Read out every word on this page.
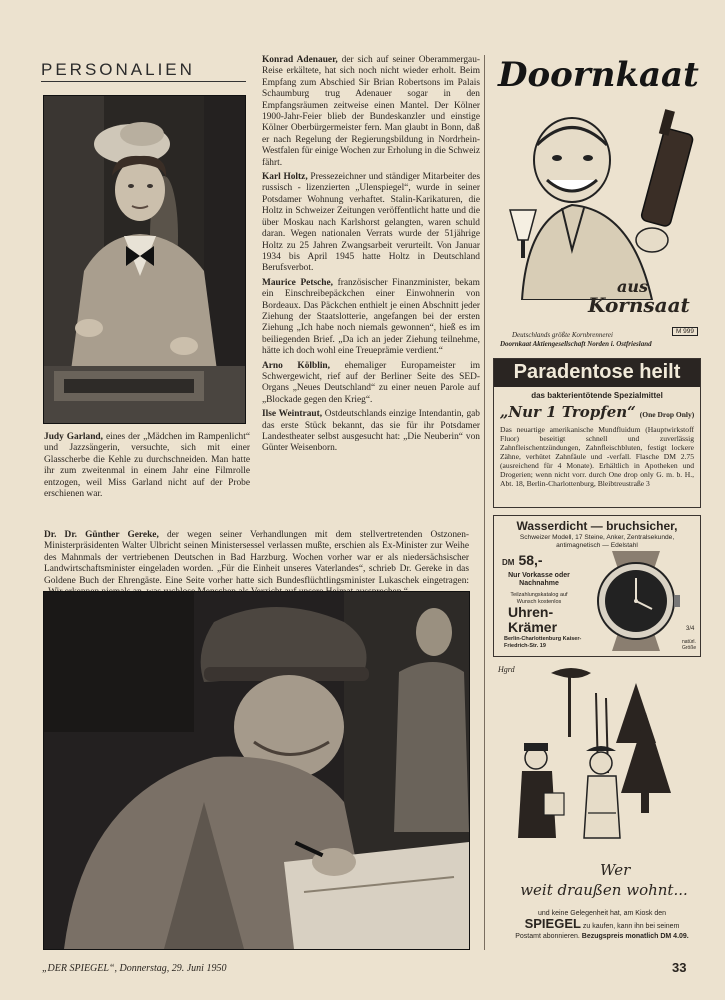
PERSONALIEN

Judy Garland, eines der „Mädchen im Rampenlicht“ und Jazzsängerin, versuchte, sich mit einer Glasscherbe die Kehle zu durchschneiden. Man hatte ihr zum zweitenmal in einem Jahr eine Filmrolle entzogen, weil Miss Garland nicht auf der Probe erschienen war.

Konrad Adenauer, der sich auf seiner Oberammergau-Reise erkältete, hat sich noch nicht wieder erholt. Beim Empfang zum Abschied Sir Brian Robertsons im Palais Schaumburg trug Adenauer sogar in den Empfangsräumen zeitweise einen Mantel. Der Kölner 1900-Jahr-Feier blieb der Bundeskanzler und einstige Kölner Oberbürgermeister fern. Man glaubt in Bonn, daß er nach Regelung der Regierungsbildung in Nordrhein-Westfalen für einige Wochen zur Erholung in die Schweiz fährt.

Karl Holtz, Pressezeichner und ständiger Mitarbeiter des russisch - lizenzierten „Ulenspiegel“, wurde in seiner Potsdamer Wohnung verhaftet. Stalin-Karikaturen, die Holtz in Schweizer Zeitungen veröffentlicht hatte und die über Moskau nach Karlshorst gelangten, waren schuld daran. Wegen nationalen Verrats wurde der 51jährige Holtz zu 25 Jahren Zwangsarbeit verurteilt. Von Januar 1934 bis April 1945 hatte Holtz in Deutschland Berufsverbot.

Maurice Petsche, französischer Finanzminister, bekam ein Einschreibepäckchen einer Einwohnerin von Bordeaux. Das Päckchen enthielt je einen Abschnitt jeder Ziehung der Staatslotterie, angefangen bei der ersten Ziehung „Ich habe noch niemals gewonnen“, hieß es im beiliegenden Brief. „Da ich an jeder Ziehung teilnehme, hätte ich doch wohl eine Treueprämie verdient.“

Arno Kölblin, ehemaliger Europameister im Schwergewicht, rief auf der Berliner Seite des SED-Organs „Neues Deutschland“ zu einer neuen Parole auf „Blockade gegen den Krieg“.

Ilse Weintraut, Ostdeutschlands einzige Intendantin, gab das erste Stück bekannt, das sie für ihr Potsdamer Landestheater selbst ausgesucht hat: „Die Neuberin“ von Günter Weisenborn.

Dr. Dr. Günther Gereke, der wegen seiner Verhandlungen mit dem stellvertretenden Ostzonen-Ministerpräsidenten Walter Ulbricht seinen Ministersessel verlassen mußte, erschien als Ex-Minister zur Weihe des Mahnmals der vertriebenen Deutschen in Bad Harzburg. Wochen vorher war er als niedersächsischer Landwirtschaftsminister eingeladen worden. „Für die Einheit unseres Vaterlandes“, schrieb Dr. Gereke in das Goldene Buch der Ehrengäste. Eine Seite vorher hatte sich Bundesflüchtlingsminister Lukaschek eingetragen:

Doornkaat
aus
Kornsaat
M 999
Deutschlands größte Kornbrennerei
Doornkaat Aktiengesellschaft Norden i. Ostfriesland
Paradentose heilt
das bakterientötende Spezialmittel
„Nur 1 Tropfen“ (One Drop Only)
Das neuartige amerikanische Mundfluidum (Hauptwirkstoff Fluor) beseitigt schnell und zuverlässig Zahnfleischentzündungen, Zahnfleischbluten, festigt lockere Zähne, verhütet Zahnfäule und -verfall. Flasche DM 2.75 (ausreichend für 4 Monate). Erhältlich in Apotheken und Drogerien; wenn nicht vorr. durch One drop only G. m. b. H., Abt. 18, Berlin-Charlottenburg, Bleibtreustraße 3
Wasserdicht — bruchsicher,
Schweizer Modell, 17 Steine, Anker, Zentralsekunde, antimagnetisch — Edelstahl
DM 58,-
Nur Vorkasse oder Nachnahme
Teilzahlungskatalog auf Wunsch kostenlos
Uhren-
Krämer
Berlin-Charlottenburg Kaiser-Friedrich-Str. 19
3/4
natürl. Größe
Hgrd
Wer
weit draußen wohnt...
und keine Gelegenheit hat, am Kiosk den SPIEGEL zu kaufen, kann ihn bei seinem Postamt abonnieren. Bezugspreis monatlich DM 4.09.
„DER SPIEGEL“, Donnerstag, 29. Juni 1950	33
